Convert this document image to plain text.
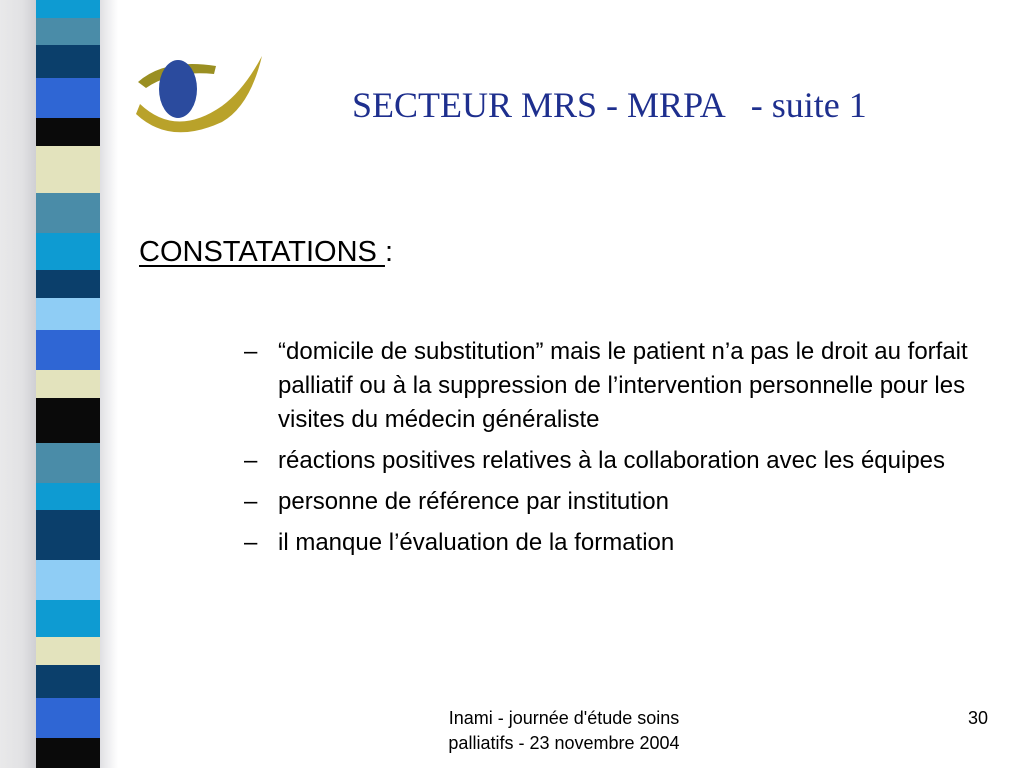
SECTEUR MRS - MRPA   - suite 1
CONSTATATIONS :
– “domicile de substitution” mais le patient n’a pas le droit au forfait palliatif ou à la suppression de l’intervention personnelle pour les visites du médecin généraliste
– réactions positives relatives à la collaboration avec les équipes
– personne de référence par institution
– il manque l’évaluation de la formation
Inami - journée d'étude soins
palliatifs - 23 novembre 2004
30
